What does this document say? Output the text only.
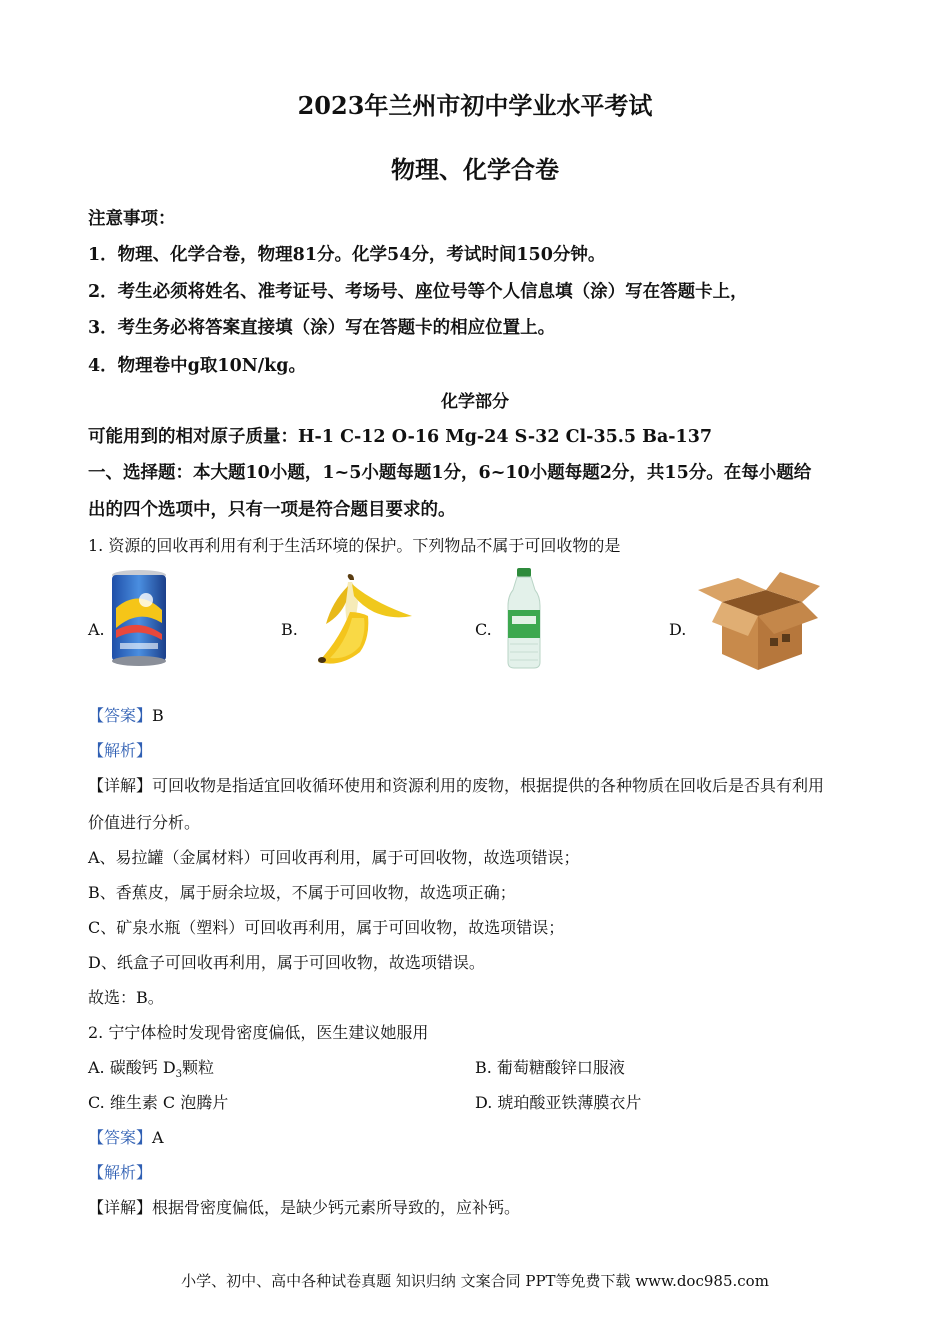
2023年兰州市初中学业水平考试
物理、化学合卷
注意事项：
1．物理、化学合卷，物理81分。化学54分，考试时间150分钟。
2．考生必须将姓名、准考证号、考场号、座位号等个人信息填（涂）写在答题卡上，
3．考生务必将答案直接填（涂）写在答题卡的相应位置上。
4．物理卷中g取10N/kg。
化学部分
可能用到的相对原子质量：H-1 C-12 O-16 Mg-24 S-32 Cl-35.5 Ba-137
一、选择题：本大题10小题，1~5小题每题1分，6~10小题每题2分，共15分。在每小题给
出的四个选项中，只有一项是符合题目要求的。
1. 资源的回收再利用有利于生活环境的保护。下列物品不属于可回收物的是
A.	B.	C.	D.
【答案】B
【解析】
【详解】可回收物是指适宜回收循环使用和资源利用的废物，根据提供的各种物质在回收后是否具有利用
价值进行分析。
A、易拉罐（金属材料）可回收再利用，属于可回收物，故选项错误；
B、香蕉皮，属于厨余垃圾，不属于可回收物，故选项正确；
C、矿泉水瓶（塑料）可回收再利用，属于可回收物，故选项错误；
D、纸盒子可回收再利用，属于可回收物，故选项错误。
故选：B。
2. 宁宁体检时发现骨密度偏低，医生建议她服用
A. 碳酸钙 $D_3$颗粒	B. 葡萄糖酸锌口服液
C. 维生素 C 泡腾片	D. 琥珀酸亚铁薄膜衣片
【答案】A
【解析】
【详解】根据骨密度偏低，是缺少钙元素所导致的，应补钙。
小学、初中、高中各种试卷真题 知识归纳 文案合同 PPT等免费下载 www.doc985.com
